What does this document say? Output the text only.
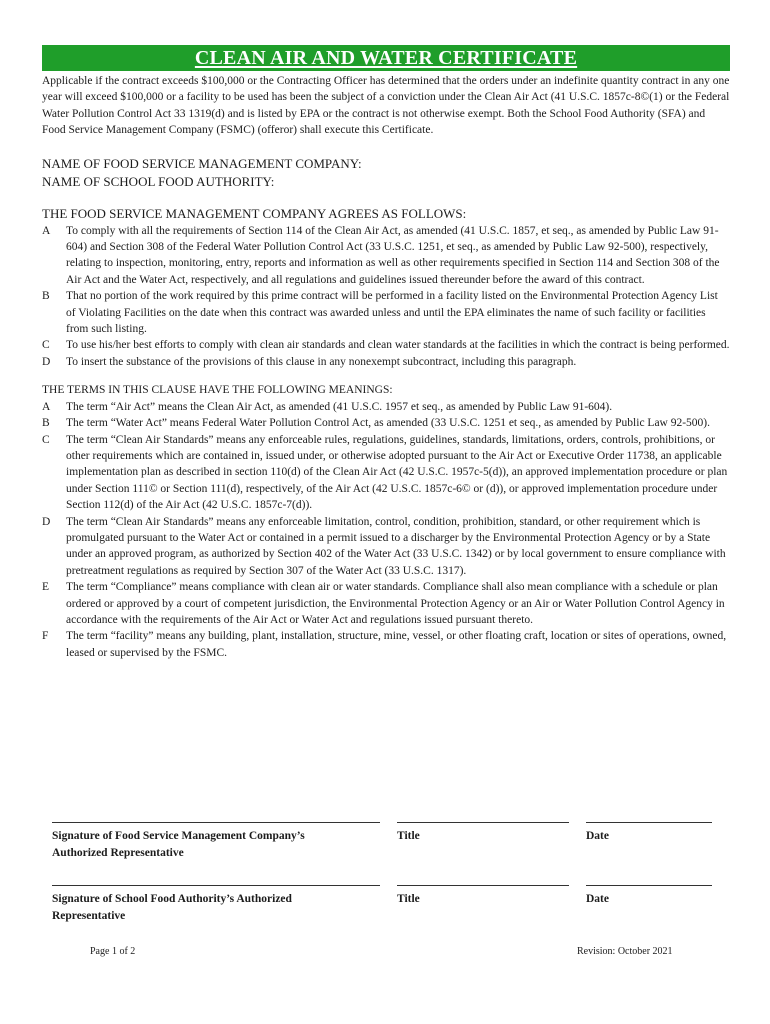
CLEAN AIR AND WATER CERTIFICATE

Applicable if the contract exceeds $100,000 or the Contracting Officer has determined that the orders under an indefinite quantity contract in any one year will exceed $100,000 or a facility to be used has been the subject of a conviction under the Clean Air Act (41 U.S.C. 1857c-8©(1) or the Federal Water Pollution Control Act 33 1319(d) and is listed by EPA or the contract is not otherwise exempt. Both the School Food Authority (SFA) and Food Service Management Company (FSMC) (offeror) shall execute this Certificate.

NAME OF FOOD SERVICE MANAGEMENT COMPANY:
NAME OF SCHOOL FOOD AUTHORITY:
THE FOOD SERVICE MANAGEMENT COMPANY AGREES AS FOLLOWS:
A	To comply with all the requirements of Section 114 of the Clean Air Act, as amended (41 U.S.C. 1857, et seq., as amended by Public Law 91-604) and Section 308 of the Federal Water Pollution Control Act (33 U.S.C. 1251, et seq., as amended by Public Law 92-500), respectively, relating to inspection, monitoring, entry, reports and information as well as other requirements specified in Section 114 and Section 308 of the Air Act and the Water Act, respectively, and all regulations and guidelines issued thereunder before the award of this contract.
B	That no portion of the work required by this prime contract will be performed in a facility listed on the Environmental Protection Agency List of Violating Facilities on the date when this contract was awarded unless and until the EPA eliminates the name of such facility or facilities from such listing.
C	To use his/her best efforts to comply with clean air standards and clean water standards at the facilities in which the contract is being performed.
D	To insert the substance of the provisions of this clause in any nonexempt subcontract, including this paragraph.
THE TERMS IN THIS CLAUSE HAVE THE FOLLOWING MEANINGS:
A	The term “Air Act” means the Clean Air Act, as amended (41 U.S.C. 1957 et seq., as amended by Public Law 91-604).
B	The term “Water Act” means Federal Water Pollution Control Act, as amended (33 U.S.C. 1251 et seq., as amended by Public Law 92-500).
C	The term “Clean Air Standards” means any enforceable rules, regulations, guidelines, standards, limitations, orders, controls, prohibitions, or other requirements which are contained in, issued under, or otherwise adopted pursuant to the Air Act or Executive Order 11738, an applicable implementation plan as described in section 110(d) of the Clean Air Act (42 U.S.C. 1957c-5(d)), an approved implementation procedure or plan under Section 111© or Section 111(d), respectively, of the Air Act (42 U.S.C. 1857c-6© or (d)), or approved implementation procedure under Section 112(d) of the Air Act (42 U.S.C. 1857c-7(d)).
D	The term “Clean Air Standards” means any enforceable limitation, control, condition, prohibition, standard, or other requirement which is promulgated pursuant to the Water Act or contained in a permit issued to a discharger by the Environmental Protection Agency or by a State under an approved program, as authorized by Section 402 of the Water Act (33 U.S.C. 1342) or by local government to ensure compliance with pretreatment regulations as required by Section 307 of the Water Act (33 U.S.C. 1317).
E	The term “Compliance” means compliance with clean air or water standards. Compliance shall also mean compliance with a schedule or plan ordered or approved by a court of competent jurisdiction, the Environmental Protection Agency or an Air or Water Pollution Control Agency in accordance with the requirements of the Air Act or Water Act and regulations issued pursuant thereto.
F	The term “facility” means any building, plant, installation, structure, mine, vessel, or other floating craft, location or sites of operations, owned, leased or supervised by the FSMC.
Signature of Food Service Management Company’s Authorized Representative
Title	Date
Signature of School Food Authority’s Authorized Representative
Title	Date
Page 1 of 2	Revision: October 2021
